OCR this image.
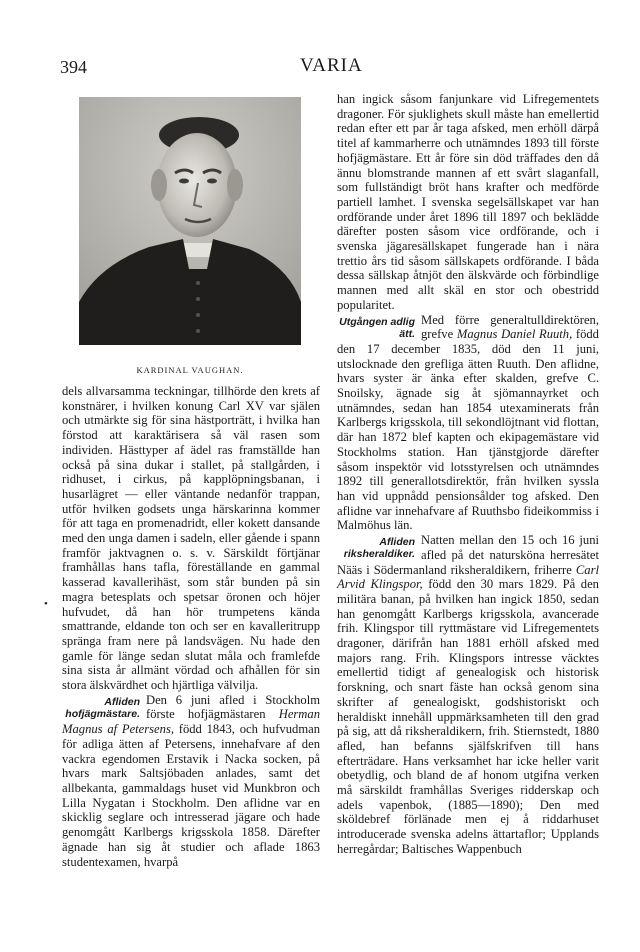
394	VARIA
KARDINAL VAUGHAN.
•

dels allvarsamma teckningar, tillhörde den krets af konstnärer, i hvilken konung Carl XV var själen och utmärkte sig för sina hästporträtt, i hvilka han förstod att karaktärisera så väl rasen som individen. Hästtyper af ädel ras framställde han också på sina dukar i stallet, på stallgården, i ridhuset, i cirkus, på kapplöpningsbanan, i husarlägret — eller väntande nedanför trappan, utför hvilken godsets unga härskarinna kommer för att taga en promenadridt, eller kokett dansande med den unga damen i sadeln, eller gående i spann framför jaktvagnen o. s. v. Särskildt förtjänar framhållas hans tafla, föreställande en gammal kasserad kavallerihäst, som står bunden på sin magra betesplats och spetsar öronen och höjer hufvudet, då han hör trumpetens kända smattrande, eldande ton och ser en kavalleritrupp spränga fram nere på landsvägen. Nu hade den gamle för länge sedan slutat måla och framlefde sina sista år allmänt vördad och afhållen för sin stora älskvärdhet och hjärtliga välvilja.

Afliden hofjägmästare.
Den 6 juni afled i Stockholm förste hofjägmästaren Herman Magnus af Petersens, född 1843, och hufvudman för adliga ätten af Petersens, innehafvare af den vackra egendomen Erstavik i Nacka socken, på hvars mark Saltsjöbaden anlades, samt det allbekanta, gammaldags huset vid Munkbron och Lilla Nygatan i Stockholm. Den aflidne var en skicklig seglare och intresserad jägare och hade genomgått Karlbergs krigsskola 1858. Därefter ägnade han sig åt studier och aflade 1863 studentexamen, hvarpå

han ingick såsom fanjunkare vid Lifregementets dragoner. För sjuklighets skull måste han emellertid redan efter ett par år taga afsked, men erhöll därpå titel af kammarherre och utnämndes 1893 till förste hofjägmästare. Ett år före sin död träffades den då ännu blomstrande mannen af ett svårt slaganfall, som fullständigt bröt hans krafter och medförde partiell lamhet. I svenska segelsällskapet var han ordförande under året 1896 till 1897 och beklädde därefter posten såsom vice ordförande, och i svenska jägaresällskapet fungerade han i nära trettio års tid såsom sällskapets ordförande. I båda dessa sällskap åtnjöt den älskvärde och förbindlige mannen med allt skäl en stor och obestridd popularitet.

Utgången adlig ätt.
Med förre generaltulldirektören, grefve Magnus Daniel Ruuth, född den 17 december 1835, död den 11 juni, utslocknade den grefliga ätten Ruuth. Den aflidne, hvars syster är änka efter skalden, grefve C. Snoilsky, ägnade sig åt sjömannayrket och utnämndes, sedan han 1854 utexaminerats från Karlbergs krigsskola, till sekondlöjtnant vid flottan, där han 1872 blef kapten och ekipagemästare vid Stockholms station. Han tjänstgjorde därefter såsom inspektör vid lotsstyrelsen och utnämndes 1892 till generallotsdirektör, från hvilken syssla han vid uppnådd pensionsålder tog afsked. Den aflidne var innehafvare af Ruuthsbo fideikommiss i Malmöhus län.

Afliden riksheraldiker.
Natten mellan den 15 och 16 juni afled på det natursköna herresätet Nääs i Södermanland riksheraldikern, friherre Carl Arvid Klingspor, född den 30 mars 1829. På den militära banan, på hvilken han ingick 1850, sedan han genomgått Karlbergs krigsskola, avancerade frih. Klingspor till ryttmästare vid Lifregementets dragoner, därifrån han 1881 erhöll afsked med majors rang. Frih. Klingspors intresse väcktes emellertid tidigt af genealogisk och historisk forskning, och snart fäste han också genom sina skrifter af genealogiskt, godshistoriskt och heraldiskt innehåll uppmärksamheten till den grad på sig, att då riksheraldikern, frih. Stiernstedt, 1880 afled, han befanns själfskrifven till hans efterträdare. Hans verksamhet har icke heller varit obetydlig, och bland de af honom utgifna verken må särskildt framhållas Sveriges ridderskap och adels vapenbok, (1885—1890); Den med sköldebref förlänade men ej å riddarhuset introducerade svenska adelns ättartaflor; Upplands herregårdar; Baltisches Wappenbuch
